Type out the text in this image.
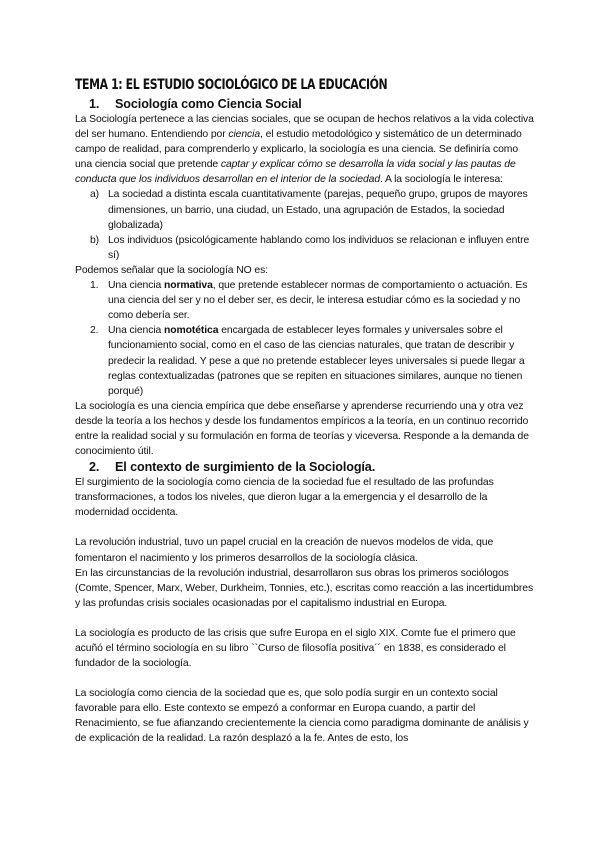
TEMA 1: EL ESTUDIO SOCIOLÓGICO DE LA EDUCACIÓN
1.	Sociología como Ciencia Social

La Sociología pertenece a las ciencias sociales, que se ocupan de hechos relativos a la vida colectiva del ser humano. Entendiendo por ciencia, el estudio metodológico y sistemático de un determinado campo de realidad, para comprenderlo y explicarlo, la sociología es una ciencia. Se definiría como una ciencia social que pretende captar y explicar cómo se desarrolla la vida social y las pautas de conducta que los individuos desarrollan en el interior de la sociedad. A la sociología le interesa:

a) La sociedad a distinta escala cuantitativamente (parejas, pequeño grupo, grupos de mayores dimensiones, un barrio, una ciudad, un Estado, una agrupación de Estados, la sociedad globalizada)
b) Los individuos (psicológicamente hablando como los individuos se relacionan e influyen entre sí)

Podemos señalar que la sociología NO es:

1. Una ciencia normativa, que pretende establecer normas de comportamiento o actuación. Es una ciencia del ser y no el deber ser, es decir, le interesa estudiar cómo es la sociedad y no como debería ser.
2. Una ciencia nomotética encargada de establecer leyes formales y universales sobre el funcionamiento social, como en el caso de las ciencias naturales, que tratan de describir y predecir la realidad. Y pese a que no pretende establecer leyes universales si puede llegar a reglas contextualizadas (patrones que se repiten en situaciones similares, aunque no tienen porqué)

La sociología es una ciencia empírica que debe enseñarse y aprenderse recurriendo una y otra vez desde la teoría a los hechos y desde los fundamentos empíricos a la teoría, en un continuo recorrido entre la realidad social y su formulación en forma de teorías y viceversa. Responde a la demanda de conocimiento útil.

2.	El contexto de surgimiento de la Sociología.

El surgimiento de la sociología como ciencia de la sociedad fue el resultado de las profundas transformaciones, a todos los niveles, que dieron lugar a la emergencia y el desarrollo de la modernidad occidenta.

La revolución industrial, tuvo un papel crucial en la creación de nuevos modelos de vida, que fomentaron el nacimiento y los primeros desarrollos de la sociología clásica.

En las circunstancias de la revolución industrial, desarrollaron sus obras los primeros sociólogos (Comte, Spencer, Marx, Weber, Durkheim, Tonnies, etc.), escritas como reacción a las incertidumbres y las profundas crisis sociales ocasionadas por el capitalismo industrial en Europa.

La sociología es producto de las crisis que sufre Europa en el siglo XIX. Comte fue el primero que acuñó el término sociología en su libro ``Curso de filosofía positiva´´ en 1838, es considerado el fundador de la sociología.

La sociología como ciencia de la sociedad que es, que solo podía surgir en un contexto social favorable para ello. Este contexto se empezó a conformar en Europa cuando, a partir del Renacimiento, se fue afianzando crecientemente la ciencia como paradigma dominante de análisis y de explicación de la realidad. La razón desplazó a la fe. Antes de esto, los
